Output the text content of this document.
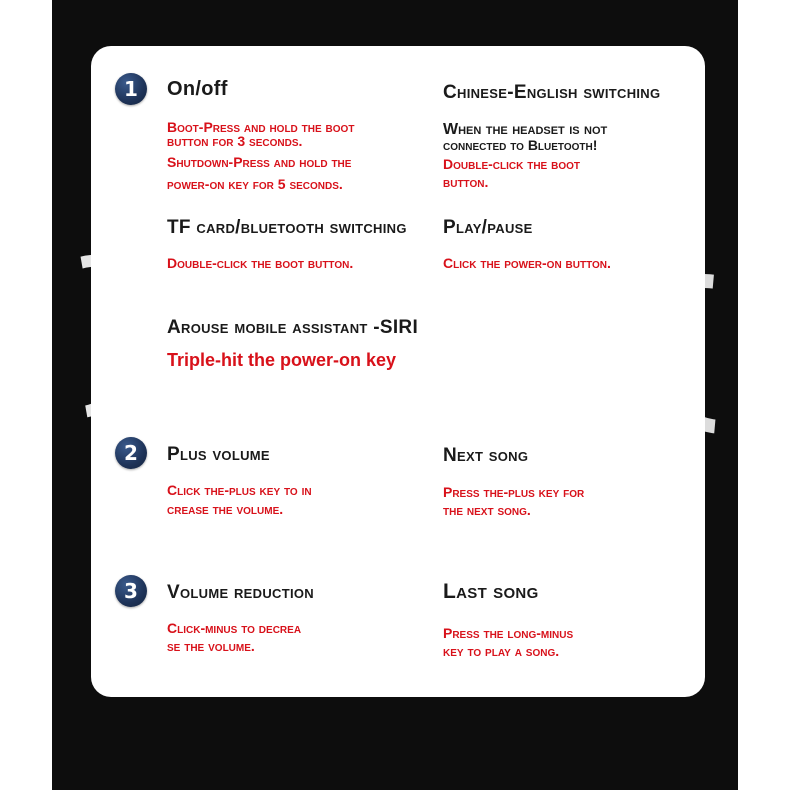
1	On/off
Boot-Press and hold the boot
button for 3 seconds.
Shutdown-Press and hold the
power-on key for 5 seconds.
Chinese-English switching
When the headset is not
connected to Bluetooth!
Double-click the boot
button.
TF card/bluetooth switching
Double-click the boot button.
Play/pause
Click the power-on button.
Arouse mobile assistant -SIRI
Triple-hit the power-on key
2	Plus volume
Click the-plus key to in
crease the volume.
Next song
Press the-plus key for
the next song.
3	Volume reduction
Click-minus to decrea
se the volume.
Last song
Press the long-minus
key to play a song.
